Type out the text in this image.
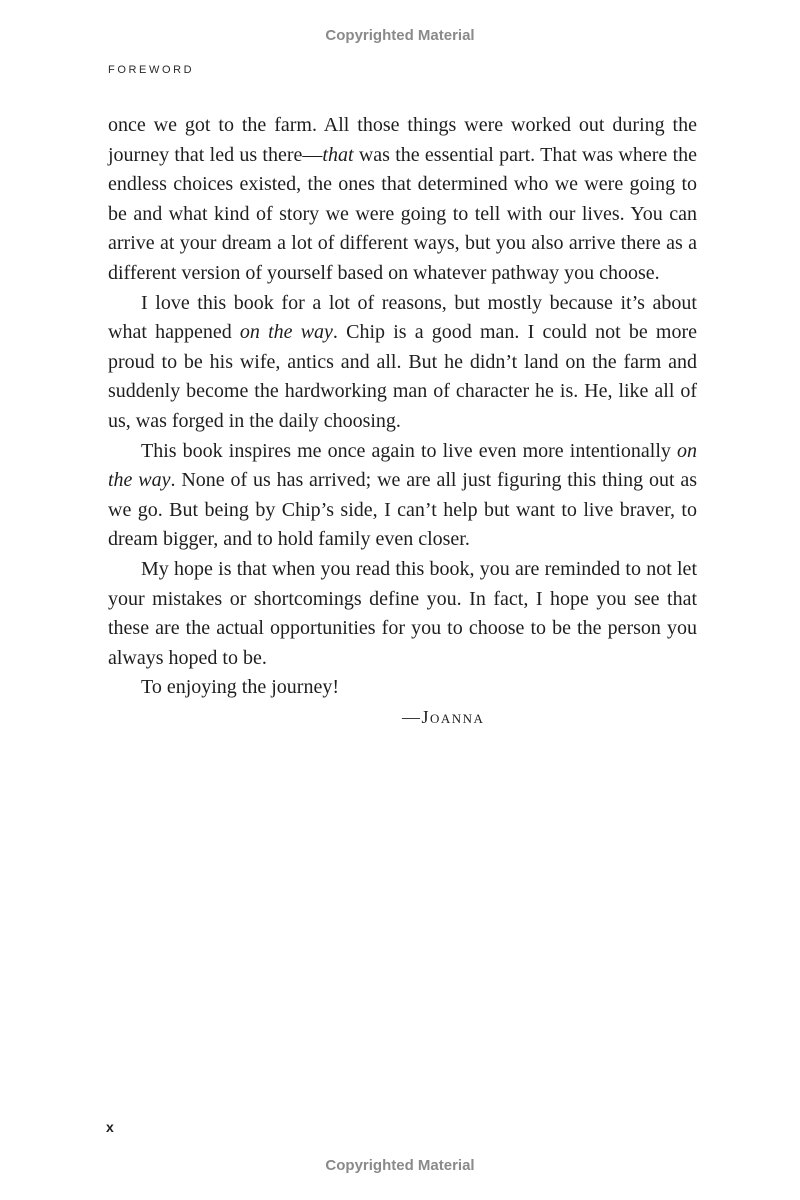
Copyrighted Material
FOREWORD

once we got to the farm. All those things were worked out during the journey that led us there—that was the essential part. That was where the endless choices existed, the ones that determined who we were going to be and what kind of story we were going to tell with our lives. You can arrive at your dream a lot of different ways, but you also arrive there as a different version of yourself based on whatever pathway you choose.

I love this book for a lot of reasons, but mostly because it’s about what happened on the way. Chip is a good man. I could not be more proud to be his wife, antics and all. But he didn’t land on the farm and suddenly become the hardworking man of character he is. He, like all of us, was forged in the daily choosing.

This book inspires me once again to live even more intentionally on the way. None of us has arrived; we are all just figuring this thing out as we go. But being by Chip’s side, I can’t help but want to live braver, to dream bigger, and to hold family even closer.

My hope is that when you read this book, you are reminded to not let your mistakes or shortcomings define you. In fact, I hope you see that these are the actual opportunities for you to choose to be the person you always hoped to be.

To enjoying the journey!

—Joanna
x
Copyrighted Material
